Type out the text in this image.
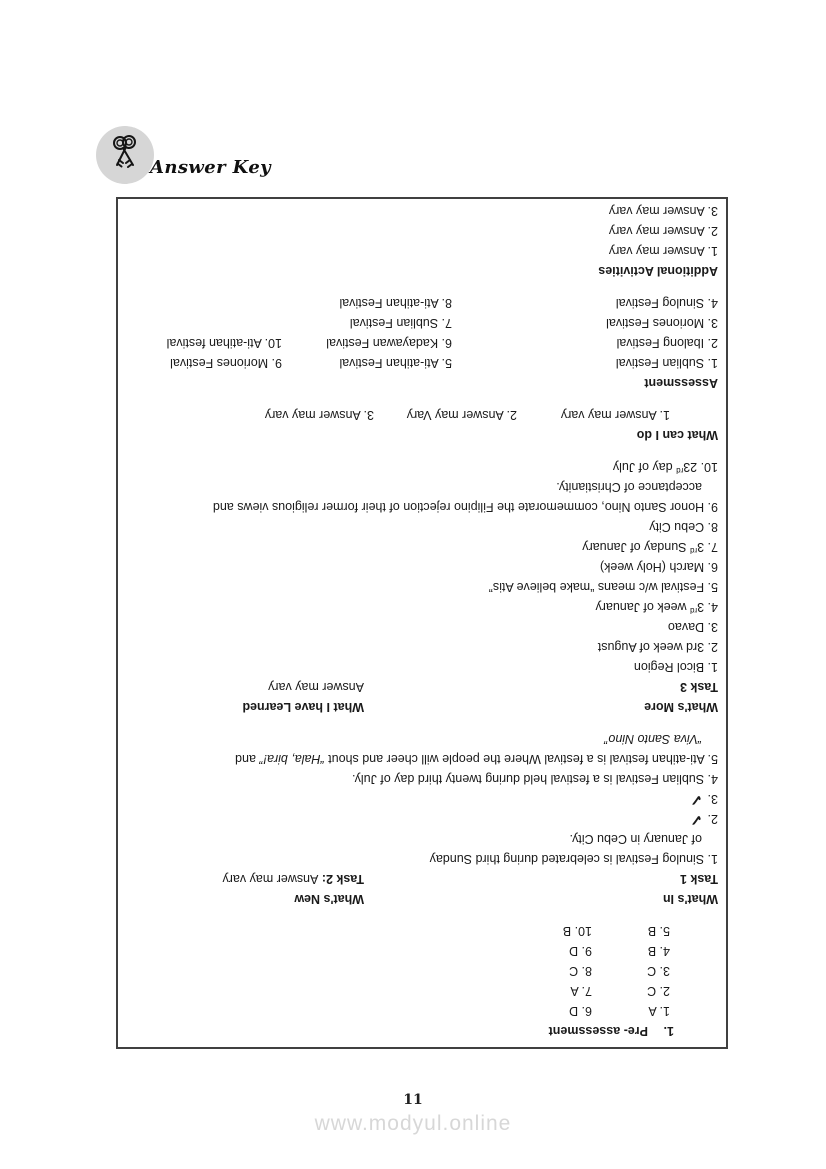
Answer Key
1.Pre- assessment
1. A6. D
2. C7. A
3. C8. C
4. B9. D
5. B10. B
What's In
What's New
Task 1
Task 2: Answer may vary
1. Sinulog Festival is celebrated during third Sunday
of January in Cebu City.
2.✓
3.✓
4. Sublian Festival is a festival held during twenty third day of July.
5. Ati-atihan festival is a festival Where the people will cheer and shout “Hala, bira!” and
“Viva Santo Nino”
What's More
What I have Learned
Task 3
Answer may vary
1. Bicol Region
2. 3rd week of August
3. Davao
4. 3rd week of January
5. Festival w/c means “make believe Atis”
6. March (Holy week)
7. 3rd Sunday of January
8. Cebu City
9. Honor Santo Nino, commemorate the Filipino rejection of their former religious views and
acceptance of Christianity.
10. 23rd day of July
What can I do
1. Answer may vary2. Answer may Vary3. Answer may vary
Assessment
1. Sublian Festival
5. Ati-atihan Festival
9. Moriones Festival
2. Ibalong Festival
6. Kadayawan Festival
10. Ati-atihan festival
3. Moriones Festival
7. Sublian Festival
4. Sinulog Festival
8. Ati-atihan Festival
Additional Activities
1. Answer may vary
2. Answer may vary
3. Answer may vary
11
www.modyul.online
